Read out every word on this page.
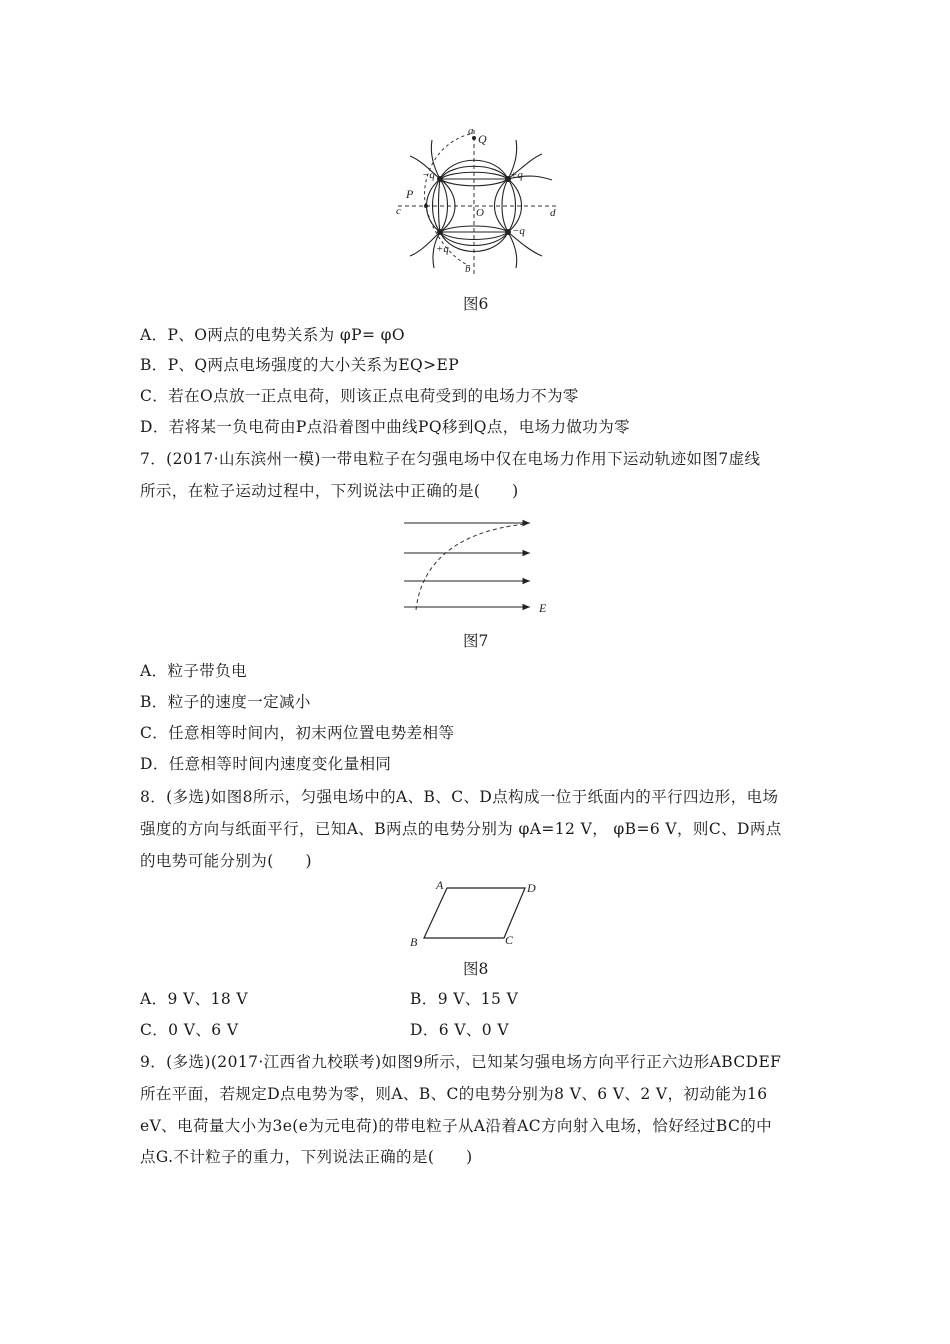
a
Q
−q	+q
P
c	O	d
+q
−q
b
图6
A．P、O两点的电势关系为 φP= φO
B．P、Q两点电场强度的大小关系为EQ>EP
C．若在O点放一正点电荷，则该正点电荷受到的电场力不为零
D．若将某一负电荷由P点沿着图中曲线PQ移到Q点，电场力做功为零
7．(2017·山东滨州一模)一带电粒子在匀强电场中仅在电场力作用下运动轨迹如图7虚线
所示，在粒子运动过程中，下列说法中正确的是(　　)
E
图7
A．粒子带负电
B．粒子的速度一定减小
C．任意相等时间内，初末两位置电势差相等
D．任意相等时间内速度变化量相同
8．(多选)如图8所示，匀强电场中的A、B、C、D点构成一位于纸面内的平行四边形，电场
强度的方向与纸面平行，已知A、B两点的电势分别为 φA=12 V， φB=6 V，则C、D两点
的电势可能分别为(　　)
A	D
B	C
图8
A．9 V、18 V	B．9 V、15 V
C．0 V、6 V	D．6 V、0 V
9．(多选)(2017·江西省九校联考)如图9所示，已知某匀强电场方向平行正六边形ABCDEF
所在平面，若规定D点电势为零，则A、B、C的电势分别为8 V、6 V、2 V，初动能为16
eV、电荷量大小为3e(e为元电荷)的带电粒子从A沿着AC方向射入电场，恰好经过BC的中
点G.不计粒子的重力，下列说法正确的是(　　)
